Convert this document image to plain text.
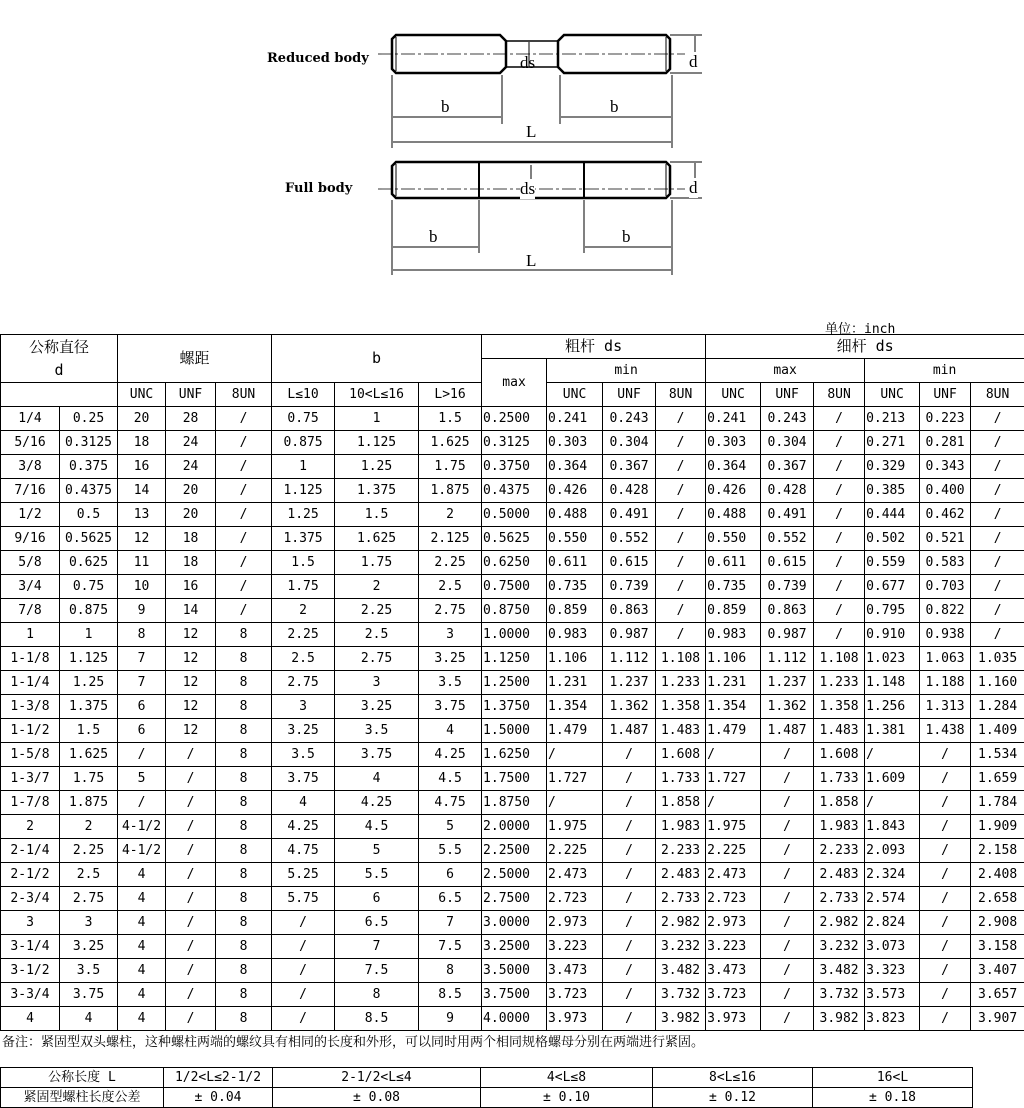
Reduced body
Full body
b	b
L
d
ds
b	b
L
d
ds
单位：inch
公称直径
d		螺距			b			粗杆 ds				细杆 ds					
								max	min			max			min		
		UNC	UNF	8UN	L≤10	10<L≤16	L>16		UNC	UNF	8UN	UNC	UNF	8UN	UNC	UNF	8UN
1/4	0.25	20	28	/	0.75	1	1.5	0.2500	0.241	0.243	/	0.241	0.243	/	0.213	0.223	/
5/16	0.3125	18	24	/	0.875	1.125	1.625	0.3125	0.303	0.304	/	0.303	0.304	/	0.271	0.281	/
3/8	0.375	16	24	/	1	1.25	1.75	0.3750	0.364	0.367	/	0.364	0.367	/	0.329	0.343	/
7/16	0.4375	14	20	/	1.125	1.375	1.875	0.4375	0.426	0.428	/	0.426	0.428	/	0.385	0.400	/
1/2	0.5	13	20	/	1.25	1.5	2	0.5000	0.488	0.491	/	0.488	0.491	/	0.444	0.462	/
9/16	0.5625	12	18	/	1.375	1.625	2.125	0.5625	0.550	0.552	/	0.550	0.552	/	0.502	0.521	/
5/8	0.625	11	18	/	1.5	1.75	2.25	0.6250	0.611	0.615	/	0.611	0.615	/	0.559	0.583	/
3/4	0.75	10	16	/	1.75	2	2.5	0.7500	0.735	0.739	/	0.735	0.739	/	0.677	0.703	/
7/8	0.875	9	14	/	2	2.25	2.75	0.8750	0.859	0.863	/	0.859	0.863	/	0.795	0.822	/
1	1	8	12	8	2.25	2.5	3	1.0000	0.983	0.987	/	0.983	0.987	/	0.910	0.938	/
1-1/8	1.125	7	12	8	2.5	2.75	3.25	1.1250	1.106	1.112	1.108	1.106	1.112	1.108	1.023	1.063	1.035
1-1/4	1.25	7	12	8	2.75	3	3.5	1.2500	1.231	1.237	1.233	1.231	1.237	1.233	1.148	1.188	1.160
1-3/8	1.375	6	12	8	3	3.25	3.75	1.3750	1.354	1.362	1.358	1.354	1.362	1.358	1.256	1.313	1.284
1-1/2	1.5	6	12	8	3.25	3.5	4	1.5000	1.479	1.487	1.483	1.479	1.487	1.483	1.381	1.438	1.409
1-5/8	1.625	/	/	8	3.5	3.75	4.25	1.6250	/	/	1.608	/	/	1.608	/	/	1.534
1-3/7	1.75	5	/	8	3.75	4	4.5	1.7500	1.727	/	1.733	1.727	/	1.733	1.609	/	1.659
1-7/8	1.875	/	/	8	4	4.25	4.75	1.8750	/	/	1.858	/	/	1.858	/	/	1.784
2	2	4-1/2	/	8	4.25	4.5	5	2.0000	1.975	/	1.983	1.975	/	1.983	1.843	/	1.909
2-1/4	2.25	4-1/2	/	8	4.75	5	5.5	2.2500	2.225	/	2.233	2.225	/	2.233	2.093	/	2.158
2-1/2	2.5	4	/	8	5.25	5.5	6	2.5000	2.473	/	2.483	2.473	/	2.483	2.324	/	2.408
2-3/4	2.75	4	/	8	5.75	6	6.5	2.7500	2.723	/	2.733	2.723	/	2.733	2.574	/	2.658
3	3	4	/	8	/	6.5	7	3.0000	2.973	/	2.982	2.973	/	2.982	2.824	/	2.908
3-1/4	3.25	4	/	8	/	7	7.5	3.2500	3.223	/	3.232	3.223	/	3.232	3.073	/	3.158
3-1/2	3.5	4	/	8	/	7.5	8	3.5000	3.473	/	3.482	3.473	/	3.482	3.323	/	3.407
3-3/4	3.75	4	/	8	/	8	8.5	3.7500	3.723	/	3.732	3.723	/	3.732	3.573	/	3.657
4	4	4	/	8	/	8.5	9	4.0000	3.973	/	3.982	3.973	/	3.982	3.823	/	3.907
备注：紧固型双头螺柱，这种螺柱两端的螺纹具有相同的长度和外形，可以同时用两个相同规格螺母分别在两端进行紧固。
公称长度 L	1/2<L≤2-1/2	2-1/2<L≤4	4<L≤8	8<L≤16	16<L
紧固型螺柱长度公差	± 0.04	± 0.08	± 0.10	± 0.12	± 0.18
